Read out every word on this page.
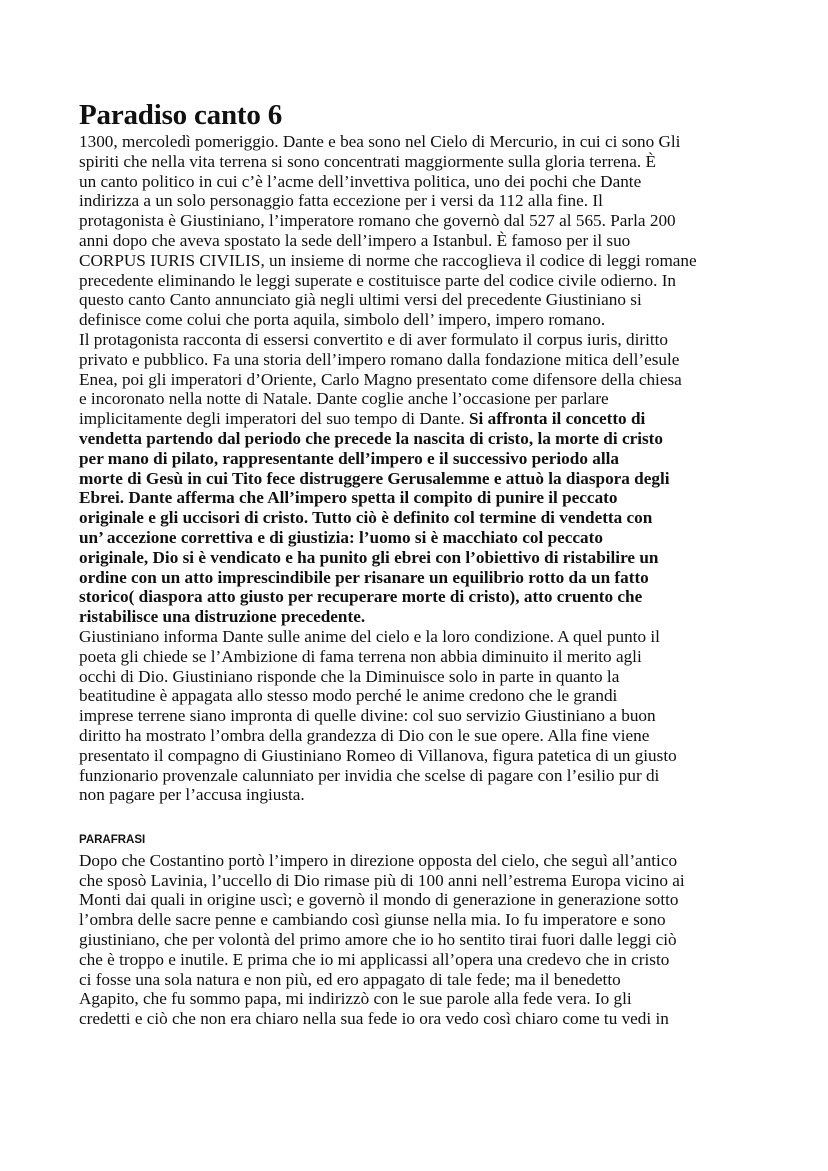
Paradiso canto 6
1300, mercoledì pomeriggio. Dante e bea sono nel Cielo di Mercurio, in cui ci sono Gli
spiriti che nella vita terrena si sono concentrati maggiormente sulla gloria terrena. È
un canto politico in cui c’è l’acme dell’invettiva politica, uno dei pochi che Dante
indirizza a un solo personaggio fatta eccezione per i versi da 112 alla fine. Il
protagonista è Giustiniano, l’imperatore romano che governò dal 527 al 565. Parla 200
anni dopo che aveva spostato la sede dell’impero a Istanbul. È famoso per il suo
CORPUS IURIS CIVILIS, un insieme di norme che raccoglieva il codice di leggi romane
precedente eliminando le leggi superate e costituisce parte del codice civile odierno. In
questo canto Canto annunciato già negli ultimi versi del precedente Giustiniano si
definisce come colui che porta aquila, simbolo dell’ impero, impero romano.
Il protagonista racconta di essersi convertito e di aver formulato il corpus iuris, diritto
privato e pubblico. Fa una storia dell’impero romano dalla fondazione mitica dell’esule
Enea, poi gli imperatori d’Oriente, Carlo Magno presentato come difensore della chiesa
e incoronato nella notte di Natale. Dante coglie anche l’occasione per parlare
implicitamente degli imperatori del suo tempo di Dante. Si affronta il concetto di
vendetta partendo dal periodo che precede la nascita di cristo, la morte di cristo
per mano di pilato, rappresentante dell’impero e il successivo periodo alla
morte di Gesù in cui Tito fece distruggere Gerusalemme e attuò la diaspora degli
Ebrei. Dante afferma che All’impero spetta il compito di punire il peccato
originale e gli uccisori di cristo. Tutto ciò è definito col termine di vendetta con
un’ accezione correttiva e di giustizia: l’uomo si è macchiato col peccato
originale, Dio si è vendicato e ha punito gli ebrei con l’obiettivo di ristabilire un
ordine con un atto imprescindibile per risanare un equilibrio rotto da un fatto
storico( diaspora atto giusto per recuperare morte di cristo), atto cruento che
ristabilisce una distruzione precedente.
Giustiniano informa Dante sulle anime del cielo e la loro condizione. A quel punto il
poeta gli chiede se l’Ambizione di fama terrena non abbia diminuito il merito agli
occhi di Dio. Giustiniano risponde che la Diminuisce solo in parte in quanto la
beatitudine è appagata allo stesso modo perché le anime credono che le grandi
imprese terrene siano impronta di quelle divine: col suo servizio Giustiniano a buon
diritto ha mostrato l’ombra della grandezza di Dio con le sue opere. Alla fine viene
presentato il compagno di Giustiniano Romeo di Villanova, figura patetica di un giusto
funzionario provenzale calunniato per invidia che scelse di pagare con l’esilio pur di
non pagare per l’accusa ingiusta.
PARAFRASI
Dopo che Costantino portò l’impero in direzione opposta del cielo, che seguì all’antico
che sposò Lavinia, l’uccello di Dio rimase più di 100 anni nell’estrema Europa vicino ai
Monti dai quali in origine uscì; e governò il mondo di generazione in generazione sotto
l’ombra delle sacre penne e cambiando così giunse nella mia. Io fu imperatore e sono
giustiniano, che per volontà del primo amore che io ho sentito tirai fuori dalle leggi ciò
che è troppo e inutile. E prima che io mi applicassi all’opera una credevo che in cristo
ci fosse una sola natura e non più, ed ero appagato di tale fede; ma il benedetto
Agapito, che fu sommo papa, mi indirizzò con le sue parole alla fede vera. Io gli
credetti e ciò che non era chiaro nella sua fede io ora vedo così chiaro come tu vedi in
